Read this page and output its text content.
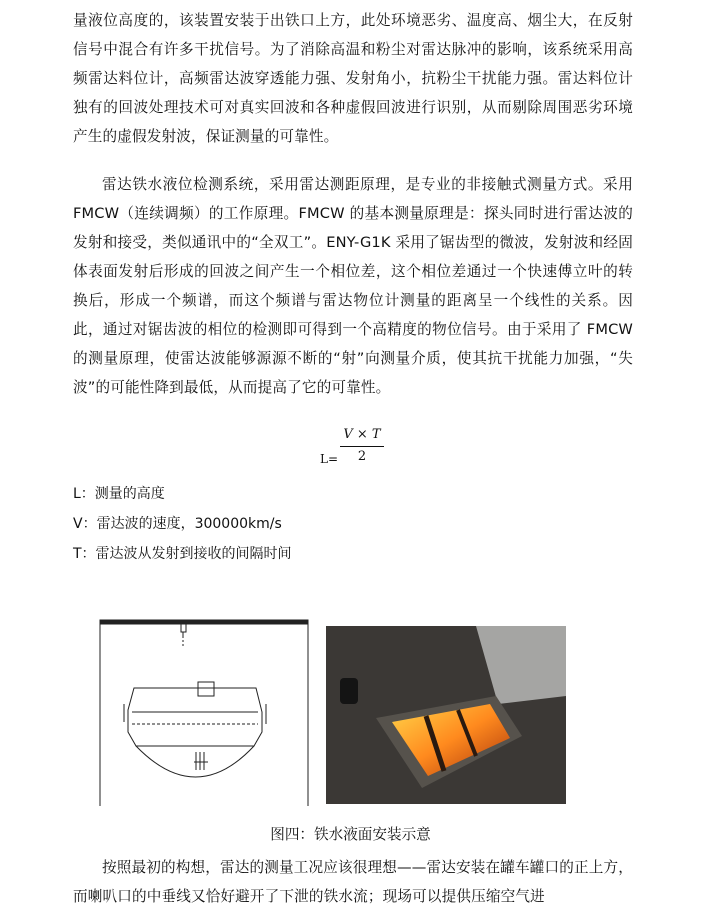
量液位高度的，该装置安装于出铁口上方，此处环境恶劣、温度高、烟尘大，在反射信号中混合有许多干扰信号。为了消除高温和粉尘对雷达脉冲的影响，该系统采用高频雷达料位计，高频雷达波穿透能力强、发射角小，抗粉尘干扰能力强。雷达料位计独有的回波处理技术可对真实回波和各种虚假回波进行识别，从而剔除周围恶劣环境产生的虚假发射波，保证测量的可靠性。

雷达铁水液位检测系统，采用雷达测距原理，是专业的非接触式测量方式。采用FMCW（连续调频）的工作原理。FMCW 的基本测量原理是：探头同时进行雷达波的发射和接受，类似通讯中的“全双工”。ENY-G1K 采用了锯齿型的微波，发射波和经固体表面发射后形成的回波之间产生一个相位差，这个相位差通过一个快速傅立叶的转换后，形成一个频谱，而这个频谱与雷达物位计测量的距离呈一个线性的关系。因此，通过对锯齿波的相位的检测即可得到一个高精度的物位信号。由于采用了 FMCW 的测量原理，使雷达波能够源源不断的“射”向测量介质，使其抗干扰能力加强，“失波”的可能性降到最低，从而提高了它的可靠性。

L=
V × T
2
L：测量的高度
V：雷达波的速度，300000km/s
T：雷达波从发射到接收的间隔时间
图四：铁水液面安装示意

按照最初的构想，雷达的测量工况应该很理想——雷达安装在罐车罐口的正上方，而喇叭口的中垂线又恰好避开了下泄的铁水流；现场可以提供压缩空气进
